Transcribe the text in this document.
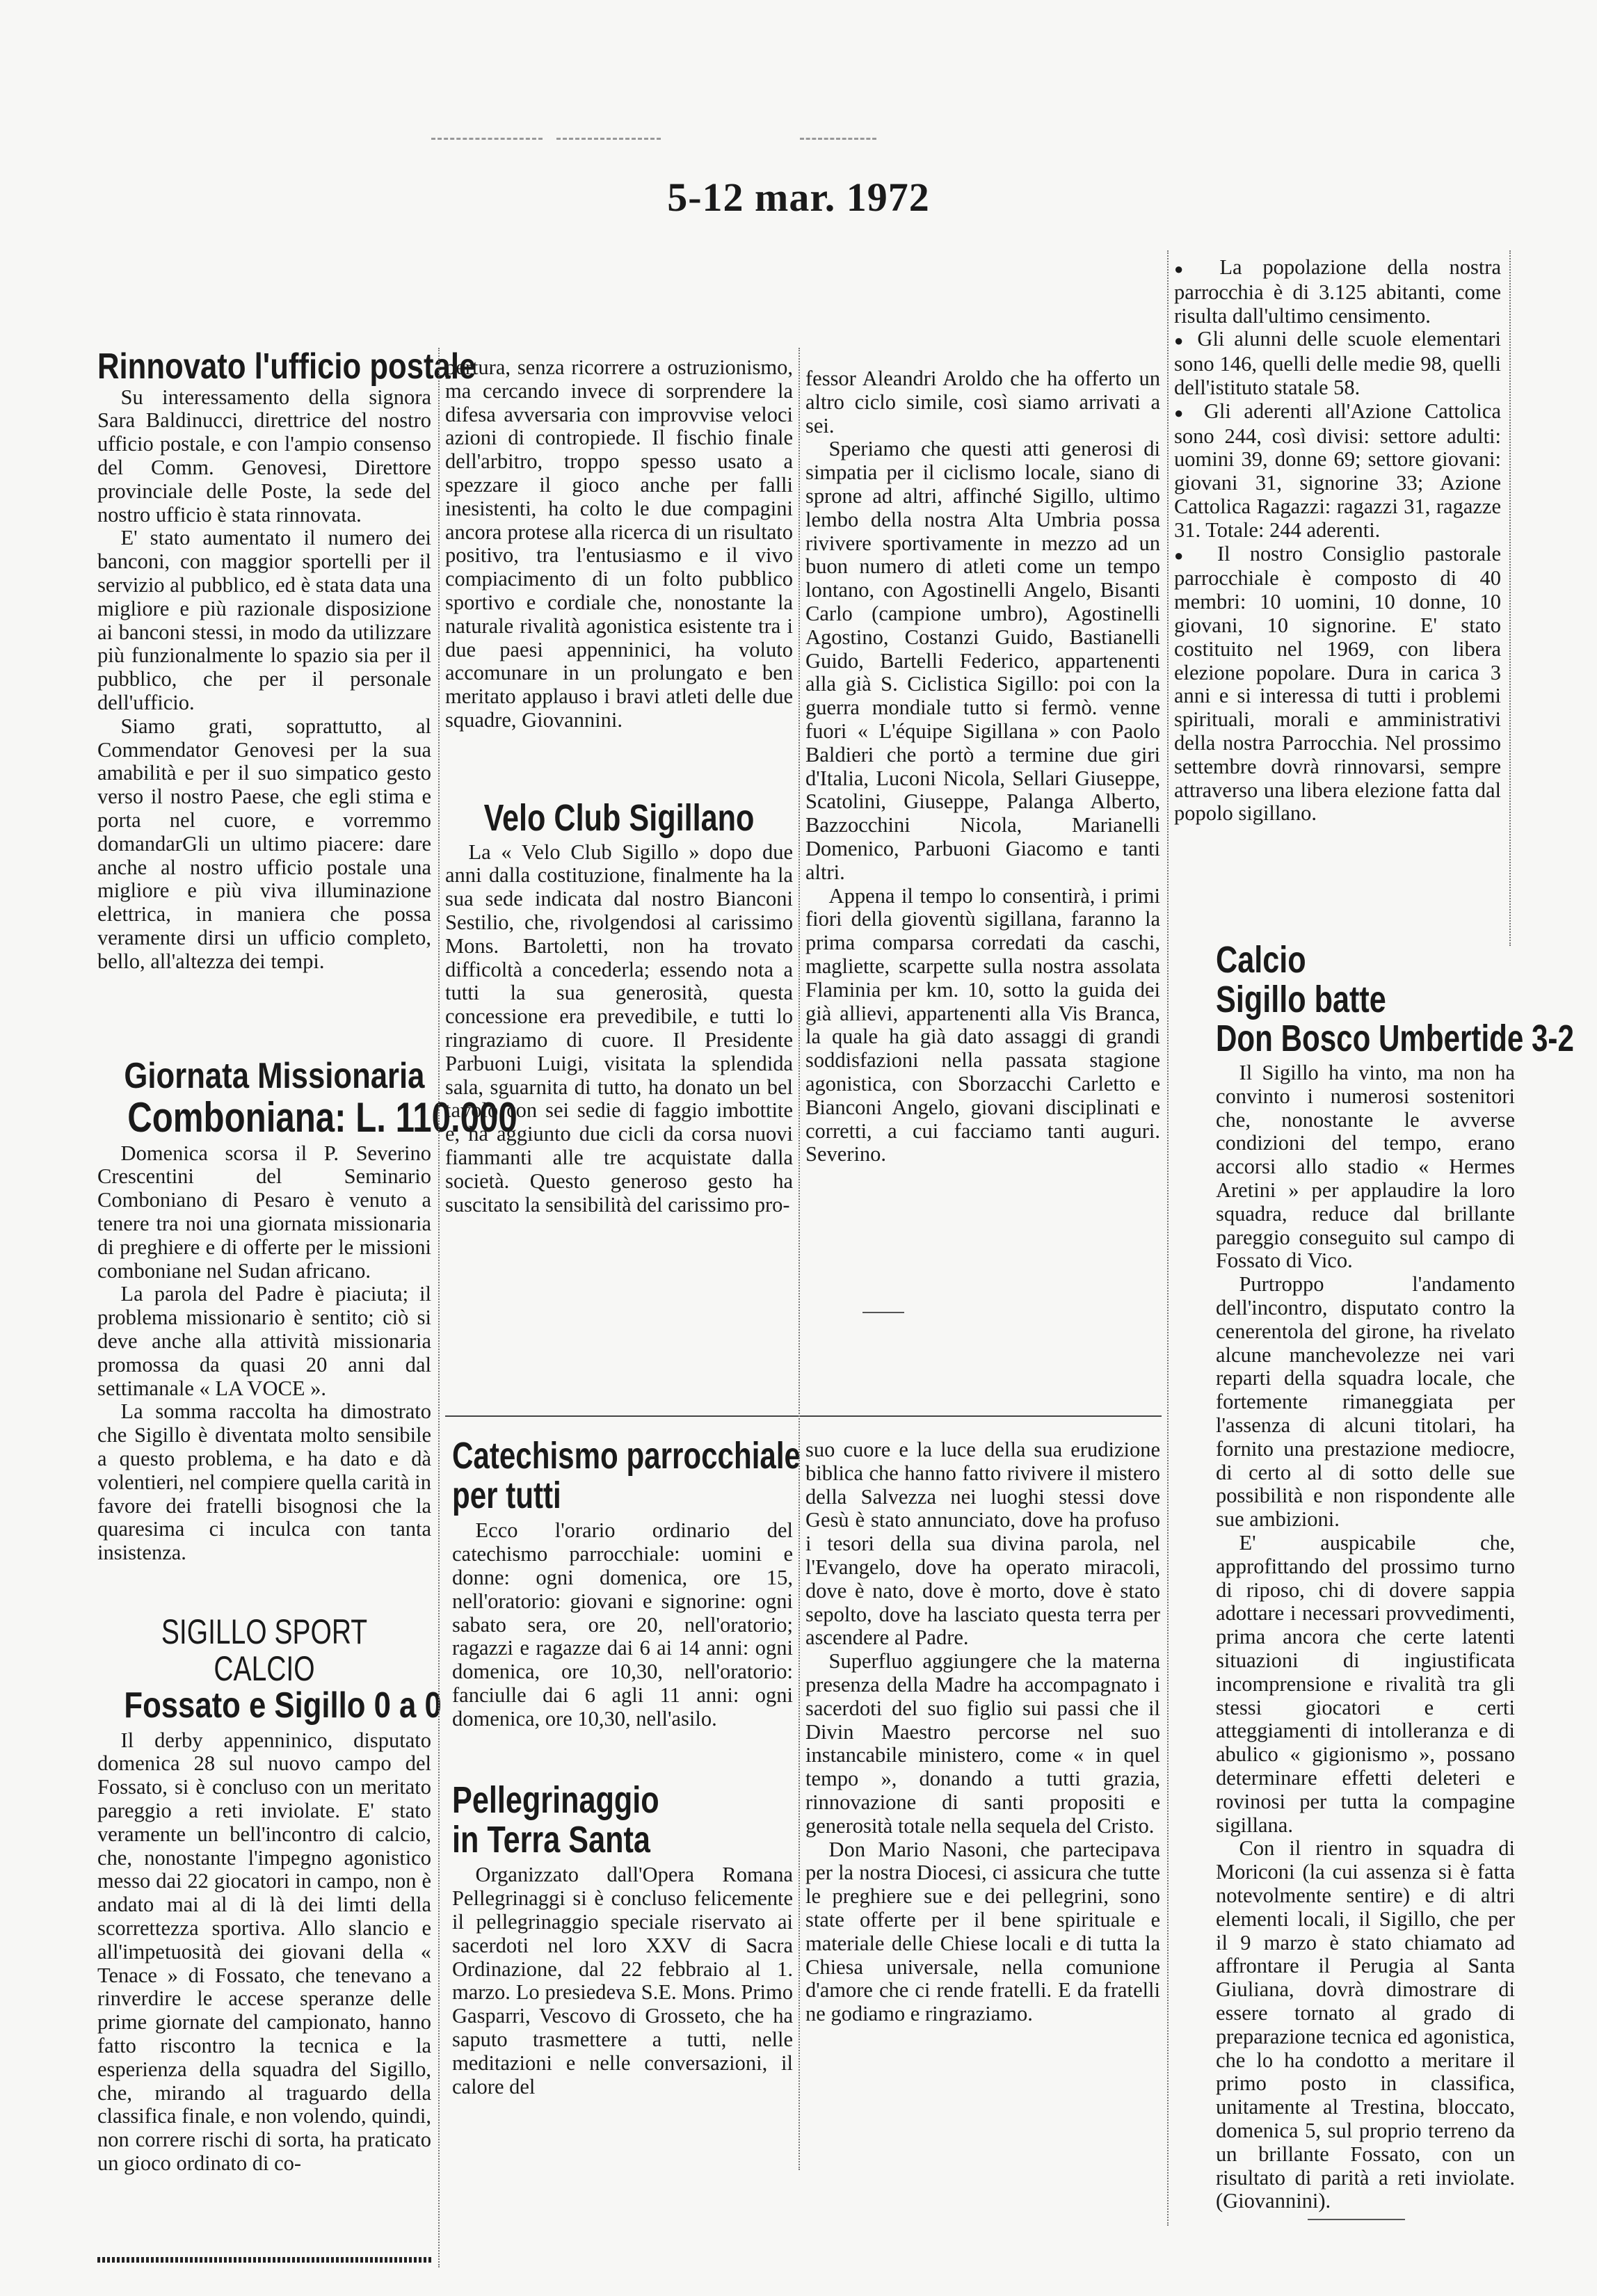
5-12 mar. 1972
Rinnovato l'ufficio postale

Su interessamento della signora Sara Baldinucci, direttrice del nostro ufficio postale, e con l'ampio consenso del Comm. Genovesi, Direttore provinciale delle Poste, la sede del nostro ufficio è stata rinnovata.

E' stato aumentato il numero dei banconi, con maggior sportelli per il servizio al pubblico, ed è stata data una migliore e più razionale disposizione ai banconi stessi, in modo da utilizzare più funzionalmente lo spazio sia per il pubblico, che per il personale dell'ufficio.

Siamo grati, soprattutto, al Commendator Genovesi per la sua amabilità e per il suo simpatico gesto verso il nostro Paese, che egli stima e porta nel cuore, e vorremmo domandarGli un ultimo piacere: dare anche al nostro ufficio postale una migliore e più viva illuminazione elettrica, in maniera che possa veramente dirsi un ufficio completo, bello, all'altezza dei tempi.

Giornata Missionaria
Comboniana: L. 110.000

Domenica scorsa il P. Severino Crescentini del Seminario Comboniano di Pesaro è venuto a tenere tra noi una giornata missionaria di preghiere e di offerte per le missioni comboniane nel Sudan africano.

La parola del Padre è piaciuta; il problema missionario è sentito; ciò si deve anche alla attività missionaria promossa da quasi 20 anni dal settimanale « LA VOCE ».

La somma raccolta ha dimostrato che Sigillo è diventata molto sensibile a questo problema, e ha dato e dà volentieri, nel compiere quella carità in favore dei fratelli bisognosi che la quaresima ci inculca con tanta insistenza.

SIGILLO SPORT
CALCIO
Fossato e Sigillo 0 a 0

Il derby appenninico, disputato domenica 28 sul nuovo campo del Fossato, si è concluso con un meritato pareggio a reti inviolate. E' stato veramente un bell'incontro di calcio, che, nonostante l'impegno agonistico messo dai 22 giocatori in campo, non è andato mai al di là dei limti della scorrettezza sportiva. Allo slancio e all'impetuosità dei giovani della « Tenace » di Fossato, che tenevano a rinverdire le accese speranze delle prime giornate del campionato, hanno fatto riscontro la tecnica e la esperienza della squadra del Sigillo, che, mirando al traguardo della classifica finale, e non volendo, quindi, non correre rischi di sorta, ha praticato un gioco ordinato di co-

pertura, senza ricorrere a ostruzionismo, ma cercando invece di sorprendere la difesa avversaria con improvvise veloci azioni di contropiede. Il fischio finale dell'arbitro, troppo spesso usato a spezzare il gioco anche per falli inesistenti, ha colto le due compagini ancora protese alla ricerca di un risultato positivo, tra l'entusiasmo e il vivo compiacimento di un folto pubblico sportivo e cordiale che, nonostante la naturale rivalità agonistica esistente tra i due paesi appenninici, ha voluto accomunare in un prolungato e ben meritato applauso i bravi atleti delle due squadre, Giovannini.

Velo Club Sigillano

La « Velo Club Sigillo » dopo due anni dalla costituzione, finalmente ha la sua sede indicata dal nostro Bianconi Sestilio, che, rivolgendosi al carissimo Mons. Bartoletti, non ha trovato difficoltà a concederla; essendo nota a tutti la sua generosità, questa concessione era prevedibile, e tutti lo ringraziamo di cuore. Il Presidente Parbuoni Luigi, visitata la splendida sala, sguarnita di tutto, ha donato un bel tavolo con sei sedie di faggio imbottite e, ha aggiunto due cicli da corsa nuovi fiammanti alle tre acquistate dalla società. Questo generoso gesto ha suscitato la sensibilità del carissimo pro-

fessor Aleandri Aroldo che ha offerto un altro ciclo simile, così siamo arrivati a sei.

Speriamo che questi atti generosi di simpatia per il ciclismo locale, siano di sprone ad altri, affinché Sigillo, ultimo lembo della nostra Alta Umbria possa rivivere sportivamente in mezzo ad un buon numero di atleti come un tempo lontano, con Agostinelli Angelo, Bisanti Carlo (campione umbro), Agostinelli Agostino, Costanzi Guido, Bastianelli Guido, Bartelli Federico, appartenenti alla già S. Ciclistica Sigillo: poi con la guerra mondiale tutto si fermò. venne fuori « L'équipe Sigillana » con Paolo Baldieri che portò a termine due giri d'Italia, Luconi Nicola, Sellari Giuseppe, Scatolini, Giuseppe, Palanga Alberto, Bazzocchini Nicola, Marianelli Domenico, Parbuoni Giacomo e tanti altri.

Appena il tempo lo consentirà, i primi fiori della gioventù sigillana, faranno la prima comparsa corredati da caschi, magliette, scarpette sulla nostra assolata Flaminia per km. 10, sotto la guida dei già allievi, appartenenti alla Vis Branca, la quale ha già dato assaggi di grandi soddisfazioni nella passata stagione agonistica, con Sborzacchi Carletto e Bianconi Angelo, giovani disciplinati e corretti, a cui facciamo tanti auguri. Severino.

● La popolazione della nostra parrocchia è di 3.125 abitanti, come risulta dall'ultimo censimento.

● Gli alunni delle scuole elementari sono 146, quelli delle medie 98, quelli dell'istituto statale 58.

● Gli aderenti all'Azione Cattolica sono 244, così divisi: settore adulti: uomini 39, donne 69; settore giovani: giovani 31, signorine 33; Azione Cattolica Ragazzi: ragazzi 31, ragazze 31. Totale: 244 aderenti.

● Il nostro Consiglio pastorale parrocchiale è composto di 40 membri: 10 uomini, 10 donne, 10 giovani, 10 signorine. E' stato costituito nel 1969, con libera elezione popolare. Dura in carica 3 anni e si interessa di tutti i problemi spirituali, morali e amministrativi della nostra Parrocchia. Nel prossimo settembre dovrà rinnovarsi, sempre attraverso una libera elezione fatta dal popolo sigillano.

Calcio
Sigillo batte
Don Bosco Umbertide 3-2

Il Sigillo ha vinto, ma non ha convinto i numerosi sostenitori che, nonostante le avverse condizioni del tempo, erano accorsi allo stadio « Hermes Aretini » per applaudire la loro squadra, reduce dal brillante pareggio conseguito sul campo di Fossato di Vico.

Purtroppo l'andamento dell'incontro, disputato contro la cenerentola del girone, ha rivelato alcune manchevolezze nei vari reparti della squadra locale, che fortemente rimaneggiata per l'assenza di alcuni titolari, ha fornito una prestazione mediocre, di certo al di sotto delle sue possibilità e non rispondente alle sue ambizioni.

E' auspicabile che, approfittando del prossimo turno di riposo, chi di dovere sappia adottare i necessari provvedimenti, prima ancora che certe latenti situazioni di ingiustificata incomprensione e rivalità tra gli stessi giocatori e certi atteggiamenti di intolleranza e di abulico « gigionismo », possano determinare effetti deleteri e rovinosi per tutta la compagine sigillana.

Con il rientro in squadra di Moriconi (la cui assenza si è fatta notevolmente sentire) e di altri elementi locali, il Sigillo, che per il 9 marzo è stato chiamato ad affrontare il Perugia al Santa Giuliana, dovrà dimostrare di essere tornato al grado di preparazione tecnica ed agonistica, che lo ha condotto a meritare il primo posto in classifica, unitamente al Trestina, bloccato, domenica 5, sul proprio terreno da un brillante Fossato, con un risultato di parità a reti inviolate. (Giovannini).

Catechismo parrocchiale
per tutti

Ecco l'orario ordinario del catechismo parrocchiale: uomini e donne: ogni domenica, ore 15, nell'oratorio: giovani e signorine: ogni sabato sera, ore 20, nell'oratorio; ragazzi e ragazze dai 6 ai 14 anni: ogni domenica, ore 10,30, nell'oratorio: fanciulle dai 6 agli 11 anni: ogni domenica, ore 10,30, nell'asilo.

Pellegrinaggio
in Terra Santa

Organizzato dall'Opera Romana Pellegrinaggi si è concluso felicemente il pellegrinaggio speciale riservato ai sacerdoti nel loro XXV di Sacra Ordinazione, dal 22 febbraio al 1. marzo. Lo presiedeva S.E. Mons. Primo Gasparri, Vescovo di Grosseto, che ha saputo trasmettere a tutti, nelle meditazioni e nelle conversazioni, il calore del

suo cuore e la luce della sua erudizione biblica che hanno fatto rivivere il mistero della Salvezza nei luoghi stessi dove Gesù è stato annunciato, dove ha profuso i tesori della sua divina parola, nel l'Evangelo, dove ha operato miracoli, dove è nato, dove è morto, dove è stato sepolto, dove ha lasciato questa terra per ascendere al Padre.

Superfluo aggiungere che la materna presenza della Madre ha accompagnato i sacerdoti del suo figlio sui passi che il Divin Maestro percorse nel suo instancabile ministero, come « in quel tempo », donando a tutti grazia, rinnovazione di santi propositi e generosità totale nella sequela del Cristo.

Don Mario Nasoni, che partecipava per la nostra Diocesi, ci assicura che tutte le preghiere sue e dei pellegrini, sono state offerte per il bene spirituale e materiale delle Chiese locali e di tutta la Chiesa universale, nella comunione d'amore che ci rende fratelli. E da fratelli ne godiamo e ringraziamo.
